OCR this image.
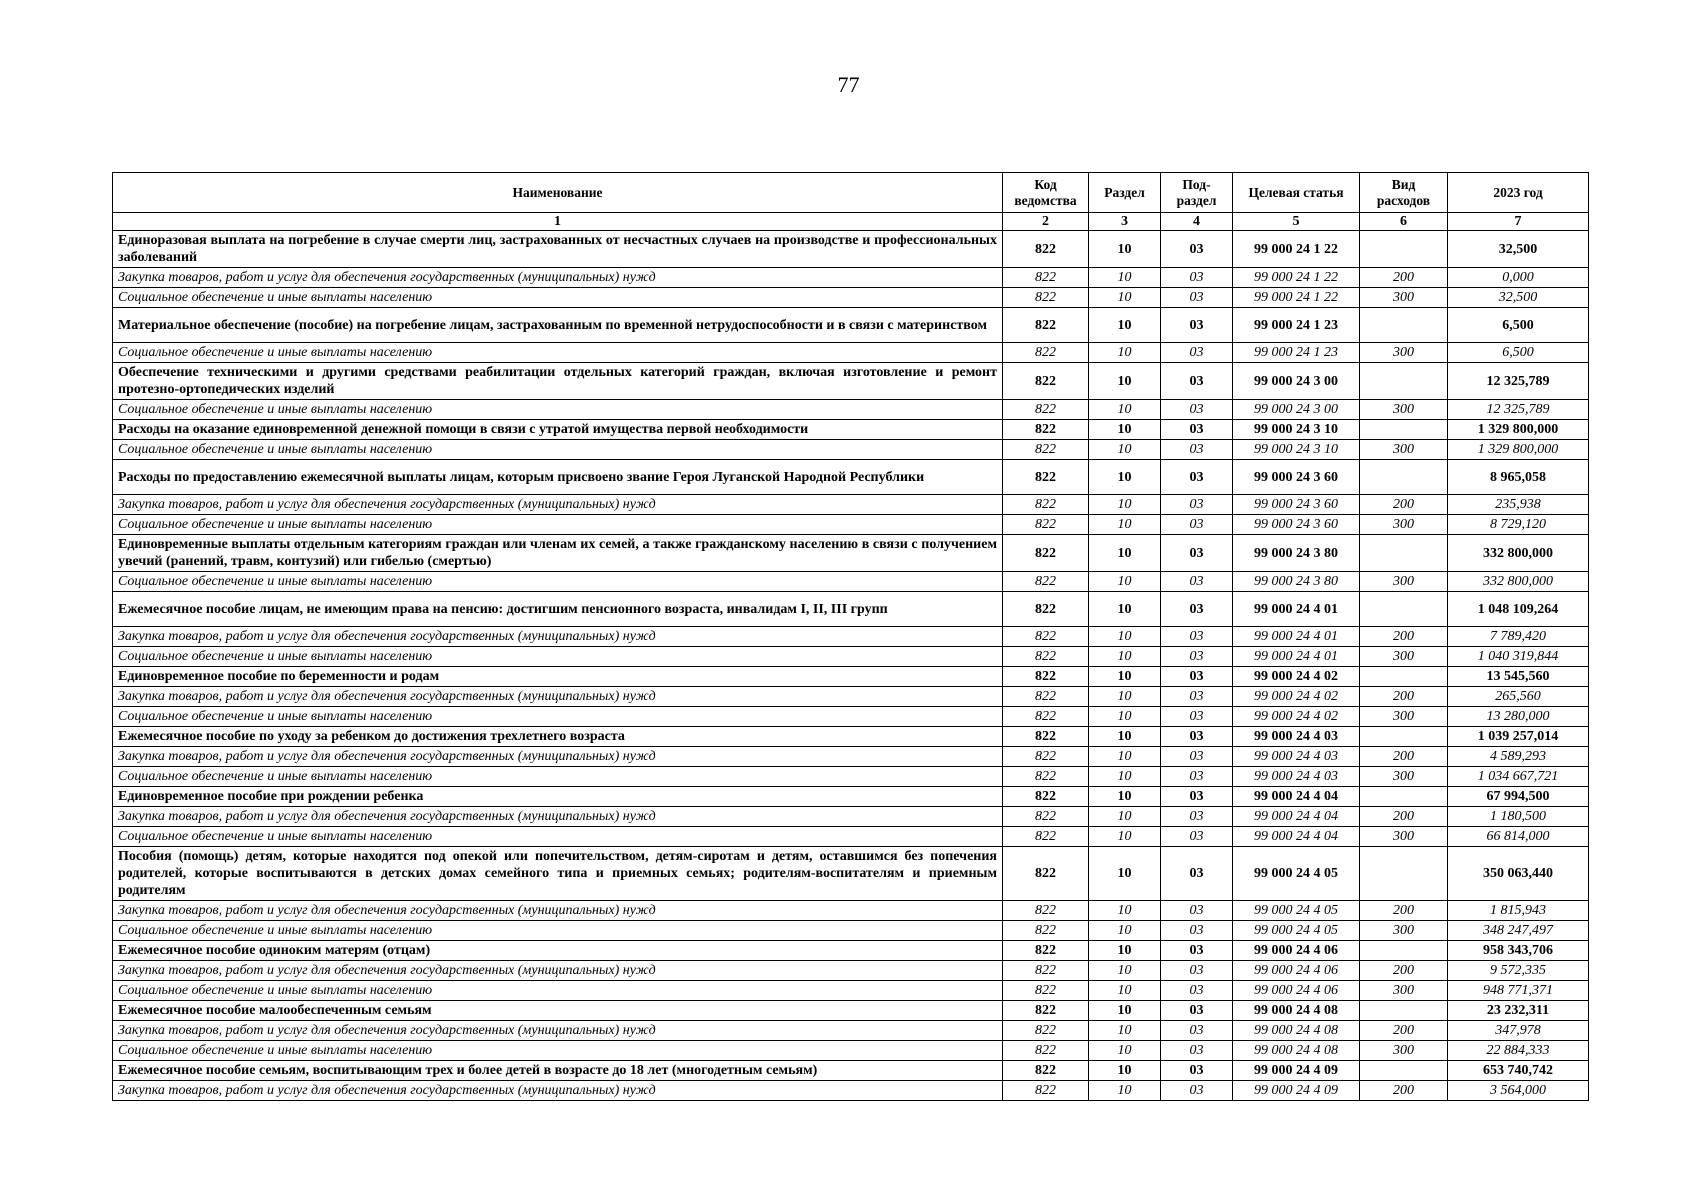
77
Наименование	Код ведомства	Раздел	Под-раздел	Целевая статья	Вид расходов	2023 год
1	2	3	4	5	6	7
Единоразовая выплата на погребение в случае смерти лиц, застрахованных от несчастных случаев на производстве и профессиональных заболеваний	822	10	03	99 000 24 1 22		32,500
Закупка товаров, работ и услуг для обеспечения государственных (муниципальных) нужд	822	10	03	99 000 24 1 22	200	0,000
Социальное обеспечение и иные выплаты населению	822	10	03	99 000 24 1 22	300	32,500
Материальное обеспечение (пособие) на погребение лицам, застрахованным по временной нетрудоспособности и в связи с материнством	822	10	03	99 000 24 1 23		6,500
Социальное обеспечение и иные выплаты населению	822	10	03	99 000 24 1 23	300	6,500
Обеспечение техническими и другими средствами реабилитации отдельных категорий граждан, включая изготовление и ремонт протезно-ортопедических изделий	822	10	03	99 000 24 3 00		12 325,789
Социальное обеспечение и иные выплаты населению	822	10	03	99 000 24 3 00	300	12 325,789
Расходы на оказание единовременной денежной помощи в связи с утратой имущества первой необходимости	822	10	03	99 000 24 3 10		1 329 800,000
Социальное обеспечение и иные выплаты населению	822	10	03	99 000 24 3 10	300	1 329 800,000
Расходы по предоставлению ежемесячной выплаты лицам, которым присвоено звание Героя Луганской Народной Республики	822	10	03	99 000 24 3 60		8 965,058
Закупка товаров, работ и услуг для обеспечения государственных (муниципальных) нужд	822	10	03	99 000 24 3 60	200	235,938
Социальное обеспечение и иные выплаты населению	822	10	03	99 000 24 3 60	300	8 729,120
Единовременные выплаты отдельным категориям граждан или членам их семей, а также гражданскому населению в связи с получением увечий (ранений, травм, контузий) или гибелью (смертью)	822	10	03	99 000 24 3 80		332 800,000
Социальное обеспечение и иные выплаты населению	822	10	03	99 000 24 3 80	300	332 800,000
Ежемесячное пособие лицам, не имеющим права на пенсию: достигшим пенсионного возраста, инвалидам I, II, III групп	822	10	03	99 000 24 4 01		1 048 109,264
Закупка товаров, работ и услуг для обеспечения государственных (муниципальных) нужд	822	10	03	99 000 24 4 01	200	7 789,420
Социальное обеспечение и иные выплаты населению	822	10	03	99 000 24 4 01	300	1 040 319,844
Единовременное пособие по беременности и родам	822	10	03	99 000 24 4 02		13 545,560
Закупка товаров, работ и услуг для обеспечения государственных (муниципальных) нужд	822	10	03	99 000 24 4 02	200	265,560
Социальное обеспечение и иные выплаты населению	822	10	03	99 000 24 4 02	300	13 280,000
Ежемесячное пособие по уходу за ребенком до достижения трехлетнего возраста	822	10	03	99 000 24 4 03		1 039 257,014
Закупка товаров, работ и услуг для обеспечения государственных (муниципальных) нужд	822	10	03	99 000 24 4 03	200	4 589,293
Социальное обеспечение и иные выплаты населению	822	10	03	99 000 24 4 03	300	1 034 667,721
Единовременное пособие при рождении ребенка	822	10	03	99 000 24 4 04		67 994,500
Закупка товаров, работ и услуг для обеспечения государственных (муниципальных) нужд	822	10	03	99 000 24 4 04	200	1 180,500
Социальное обеспечение и иные выплаты населению	822	10	03	99 000 24 4 04	300	66 814,000
Пособия (помощь) детям, которые находятся под опекой или попечительством, детям-сиротам и детям, оставшимся без попечения родителей, которые воспитываются в детских домах семейного типа и приемных семьях; родителям-воспитателям и приемным родителям	822	10	03	99 000 24 4 05		350 063,440
Закупка товаров, работ и услуг для обеспечения государственных (муниципальных) нужд	822	10	03	99 000 24 4 05	200	1 815,943
Социальное обеспечение и иные выплаты населению	822	10	03	99 000 24 4 05	300	348 247,497
Ежемесячное пособие одиноким матерям (отцам)	822	10	03	99 000 24 4 06		958 343,706
Закупка товаров, работ и услуг для обеспечения государственных (муниципальных) нужд	822	10	03	99 000 24 4 06	200	9 572,335
Социальное обеспечение и иные выплаты населению	822	10	03	99 000 24 4 06	300	948 771,371
Ежемесячное пособие малообеспеченным семьям	822	10	03	99 000 24 4 08		23 232,311
Закупка товаров, работ и услуг для обеспечения государственных (муниципальных) нужд	822	10	03	99 000 24 4 08	200	347,978
Социальное обеспечение и иные выплаты населению	822	10	03	99 000 24 4 08	300	22 884,333
Ежемесячное пособие семьям, воспитывающим трех и более детей в возрасте до 18 лет (многодетным семьям)	822	10	03	99 000 24 4 09		653 740,742
Закупка товаров, работ и услуг для обеспечения государственных (муниципальных) нужд	822	10	03	99 000 24 4 09	200	3 564,000
